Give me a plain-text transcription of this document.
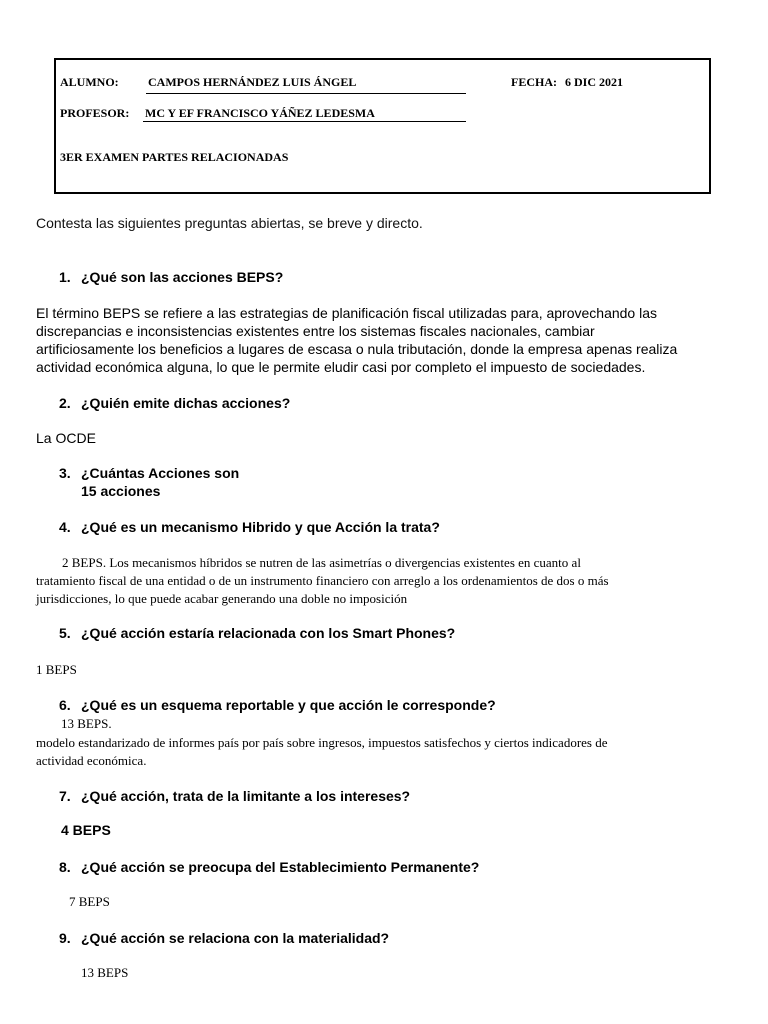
ALUMNO: CAMPOS HERNÁNDEZ LUIS ÁNGEL	FECHA: 6 DIC 2021
PROFESOR: MC Y EF FRANCISCO YÁÑEZ LEDESMA
3ER EXAMEN PARTES RELACIONADAS
Contesta las siguientes preguntas abiertas, se breve y directo.
1. ¿Qué son las acciones BEPS?
El término BEPS se refiere a las estrategias de planificación fiscal utilizadas para, aprovechando las
discrepancias e inconsistencias existentes entre los sistemas fiscales nacionales, cambiar
artificiosamente los beneficios a lugares de escasa o nula tributación, donde la empresa apenas realiza
actividad económica alguna, lo que le permite eludir casi por completo el impuesto de sociedades.
2. ¿Quién emite dichas acciones?
La OCDE
3. ¿Cuántas Acciones son
15 acciones
4. ¿Qué es un mecanismo Hibrido y que Acción la trata?
2 BEPS. Los mecanismos híbridos se nutren de las asimetrías o divergencias existentes en cuanto al
tratamiento fiscal de una entidad o de un instrumento financiero con arreglo a los ordenamientos de dos o más
jurisdicciones, lo que puede acabar generando una doble no imposición
5. ¿Qué acción estaría relacionada con los Smart Phones?
1 BEPS
6. ¿Qué es un esquema reportable y que acción le corresponde?
13 BEPS.
modelo estandarizado de informes país por país sobre ingresos, impuestos satisfechos y ciertos indicadores de
actividad económica.
7. ¿Qué acción, trata de la limitante a los intereses?
4 BEPS
8. ¿Qué acción se preocupa del Establecimiento Permanente?
7 BEPS
9. ¿Qué acción se relaciona con la materialidad?
13 BEPS
